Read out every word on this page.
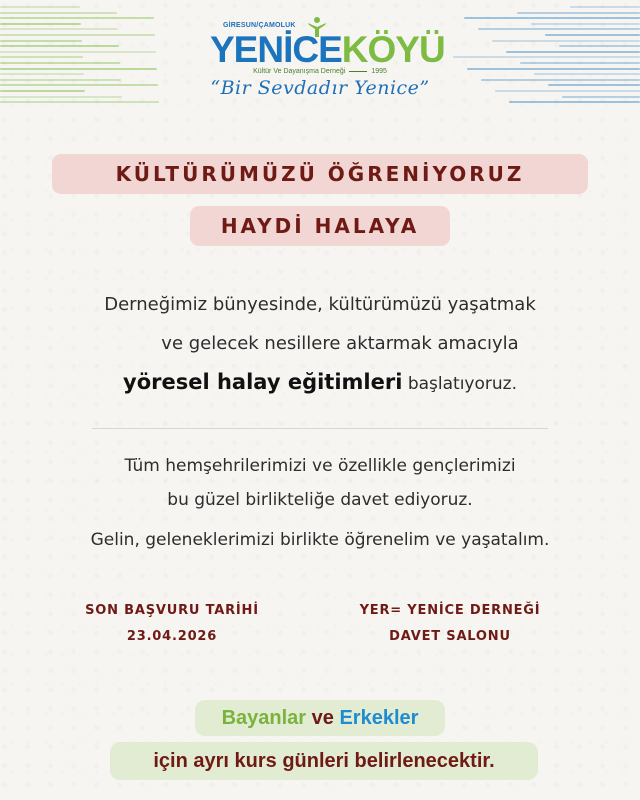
GİRESUN/ÇAMOLUK
YENİCEKÖYÜ
Kültür Ve Dayanışma Derneği	1995
“Bir Sevdadır Yenice”
KÜLTÜRÜMÜZÜ ÖĞRENİYORUZ
HAYDİ HALAYA
Derneğimiz bünyesinde, kültürümüzü yaşatmak
ve gelecek nesillere aktarmak amacıyla
yöresel halay eğitimleri başlatıyoruz.
Tüm hemşehrilerimizi ve özellikle gençlerimizi
bu güzel birlikteliğe davet ediyoruz.
Gelin, geleneklerimizi birlikte öğrenelim ve yaşatalım.
SON BAŞVURU TARİHİ
23.04.2026
YER= YENİCE DERNEĞİ
DAVET SALONU
Bayanlar ve Erkekler
için ayrı kurs günleri belirlenecektir.
